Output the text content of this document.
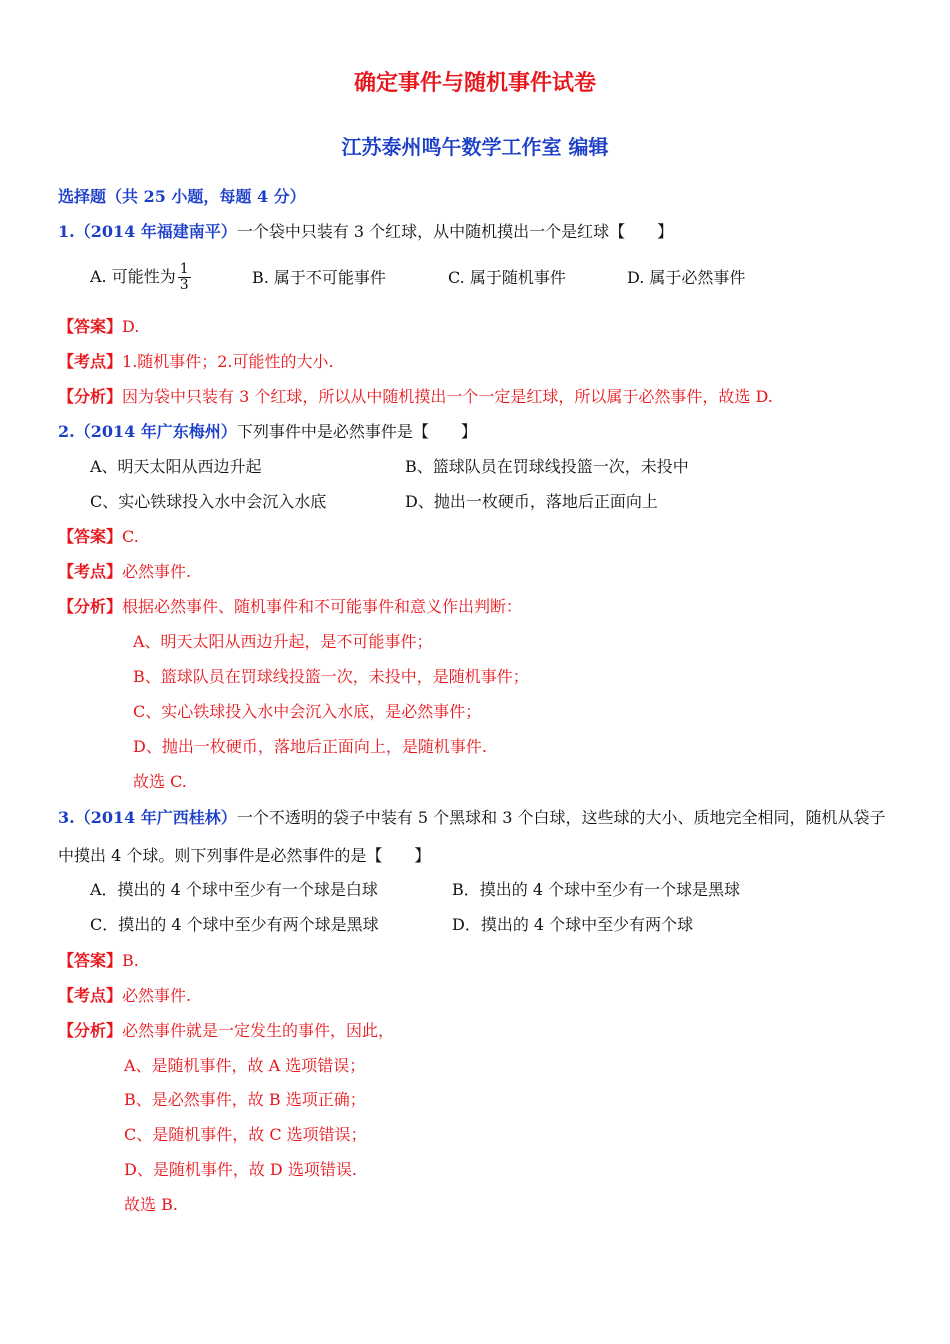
确定事件与随机事件试卷
江苏泰州鸣午数学工作室 编辑
选择题（共 25 小题，每题 4 分）
1.（2014 年福建南平）一个袋中只装有 3 个红球，从中随机摸出一个是红球【　　】
A. 可能性为 $\frac{1}{3}$	B. 属于不可能事件	C. 属于随机事件	D. 属于必然事件
【答案】D.
【考点】1.随机事件；2.可能性的大小.
【分析】因为袋中只装有 3 个红球，所以从中随机摸出一个一定是红球，所以属于必然事件，故选 D.
2.（2014 年广东梅州）下列事件中是必然事件是【　　】
A、明天太阳从西边升起	B、篮球队员在罚球线投篮一次，未投中
C、实心铁球投入水中会沉入水底	D、抛出一枚硬币，落地后正面向上
【答案】C.
【考点】必然事件.
【分析】根据必然事件、随机事件和不可能事件和意义作出判断：
A、明天太阳从西边升起，是不可能事件；
B、篮球队员在罚球线投篮一次，未投中，是随机事件；
C、实心铁球投入水中会沉入水底，是必然事件；
D、抛出一枚硬币，落地后正面向上，是随机事件.
故选 C.
3.（2014 年广西桂林）一个不透明的袋子中装有 5 个黑球和 3 个白球，这些球的大小、质地完全相同，随机从袋子
中摸出 4 个球。则下列事件是必然事件的是【　　】
A．摸出的 4 个球中至少有一个球是白球	B．摸出的 4 个球中至少有一个球是黑球
C．摸出的 4 个球中至少有两个球是黑球	D．摸出的 4 个球中至少有两个球
【答案】B.
【考点】必然事件.
【分析】必然事件就是一定发生的事件，因此，
A、是随机事件，故 A 选项错误；
B、是必然事件，故 B 选项正确；
C、是随机事件，故 C 选项错误；
D、是随机事件，故 D 选项错误.
故选 B.
